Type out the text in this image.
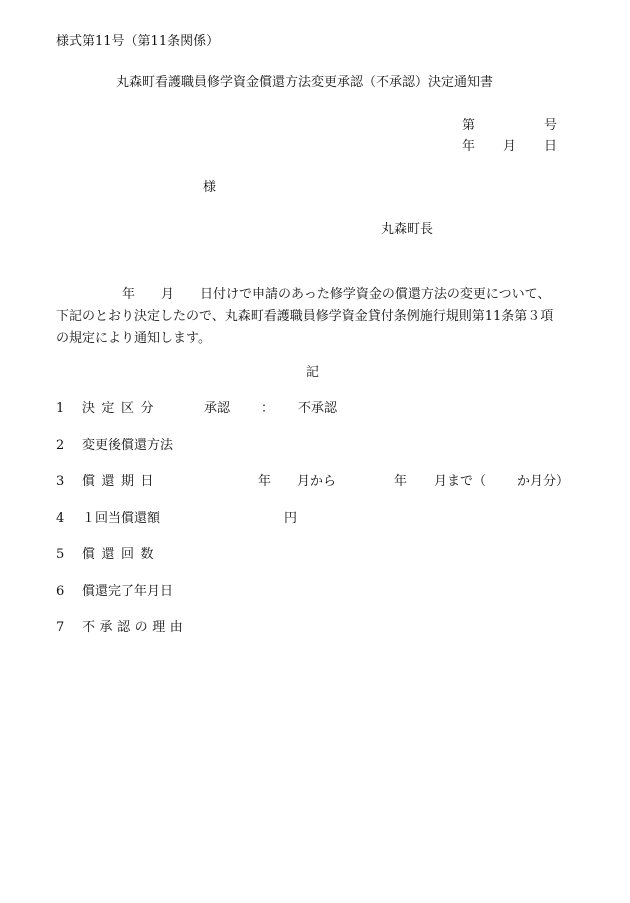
様式第11号（第11条関係）
丸森町看護職員修学資金償還方法変更承認（不承認）決定通知書
第	号
年 月 日
様
丸森町長

年　　月　　日付けで申請のあった修学資金の償還方法の変更について、

下記のとおり決定したので、丸森町看護職員修学資金貸付条例施行規則第11条第３項

の規定により通知します。

記
1 決定区分	承認 ： 不承認
2 変更後償還方法
3 償還期日	年 月から	年 月まで（ か月分）
4 １回当償還額	円
5 償還回数
6 償還完了年月日
7 不承認の理由
